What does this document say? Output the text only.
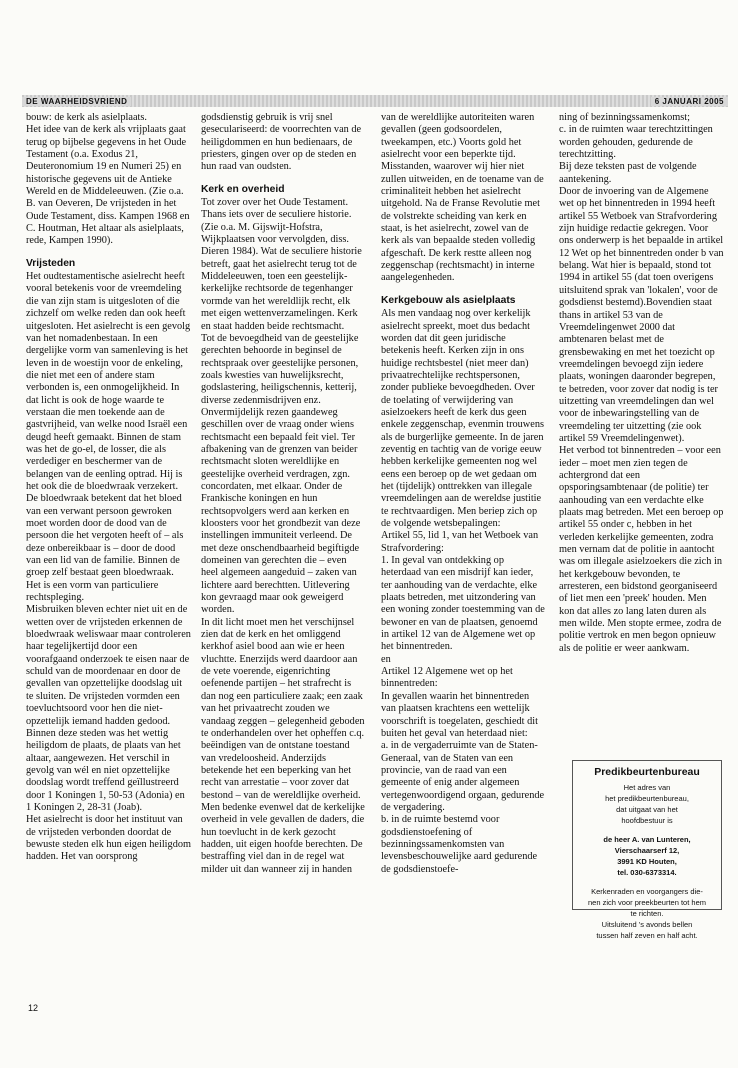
DE WAARHEIDSVRIEND	6 JANUARI 2005

bouw: de kerk als asielplaats.

Het idee van de kerk als vrijplaats gaat terug op bijbelse gegevens in het Oude Testament (o.a. Exodus 21, Deuteronomium 19 en Numeri 25) en historische gegevens uit de Antieke Wereld en de Middeleeuwen. (Zie o.a. B. van Oeveren, De vrijsteden in het Oude Testament, diss. Kampen 1968 en C. Houtman, Het altaar als asielplaats, rede, Kampen 1990).

Vrijsteden

Het oudtestamentische asielrecht heeft vooral betekenis voor de vreemdeling die van zijn stam is uitgesloten of die zichzelf om welke reden dan ook heeft uitgesloten. Het asielrecht is een gevolg van het nomadenbestaan. In een dergelijke vorm van samenleving is het leven in de woestijn voor de enkeling, die niet met een of andere stam verbonden is, een onmogelijkheid. In dat licht is ook de hoge waarde te verstaan die men toekende aan de gastvrijheid, van welke nood Israël een deugd heeft gemaakt. Binnen de stam was het de go-el, de losser, die als verdediger en beschermer van de belangen van de eenling optrad. Hij is het ook die de bloedwraak verzekert. De bloedwraak betekent dat het bloed van een verwant persoon gewroken moet worden door de dood van de persoon die het vergoten heeft of – als deze onbereikbaar is – door de dood van een lid van de familie. Binnen de groep zelf bestaat geen bloedwraak. Het is een vorm van particuliere rechtspleging.

Misbruiken bleven echter niet uit en de wetten over de vrijsteden erkennen de bloedwraak weliswaar maar controleren haar tegelijkertijd door een voorafgaand onderzoek te eisen naar de schuld van de moordenaar en door de gevallen van opzettelijke doodslag uit te sluiten. De vrijsteden vormden een toevluchtsoord voor hen die niet-opzettelijk iemand hadden gedood. Binnen deze steden was het wettig heiligdom de plaats, de plaats van het altaar, aangewezen. Het verschil in gevolg van wél en niet opzettelijke doodslag wordt treffend geïllustreerd door 1 Koningen 1, 50-53 (Adonia) en 1 Koningen 2, 28-31 (Joab).

Het asielrecht is door het instituut van de vrijsteden verbonden doordat de bewuste steden elk hun eigen heiligdom hadden. Het van oorsprong

godsdienstig gebruik is vrij snel geseculariseerd: de voorrechten van de heiligdommen en hun bedienaars, de priesters, gingen over op de steden en hun raad van oudsten.

Kerk en overheid

Tot zover over het Oude Testament. Thans iets over de seculiere historie. (Zie o.a. M. Gijswijt-Hofstra, Wijkplaatsen voor vervolgden, diss. Dieren 1984). Wat de seculiere historie betreft, gaat het asielrecht terug tot de Middeleeuwen, toen een geestelijk-kerkelijke rechtsorde de tegenhanger vormde van het wereldlijk recht, elk met eigen wettenverzamelingen. Kerk en staat hadden beide rechtsmacht.

Tot de bevoegdheid van de geestelijke gerechten behoorde in beginsel de rechtspraak over geestelijke personen, zoals kwesties van huwelijksrecht, godslastering, heiligschennis, ketterij, diverse zedenmisdrijven enz. Onvermijdelijk rezen gaandeweg geschillen over de vraag onder wiens rechtsmacht een bepaald feit viel. Ter afbakening van de grenzen van beider rechtsmacht sloten wereldlijke en geestelijke overheid verdragen, zgn. concordaten, met elkaar. Onder de Frankische koningen en hun rechtsopvolgers werd aan kerken en kloosters voor het grondbezit van deze instellingen immuniteit verleend. De met deze onschendbaarheid begiftigde domeinen van gerechten die – even heel algemeen aangeduid – zaken van lichtere aard berechtten. Uitlevering kon gevraagd maar ook geweigerd worden.

In dit licht moet men het verschijnsel zien dat de kerk en het omliggend kerkhof asiel bood aan wie er heen vluchtte. Enerzijds werd daardoor aan de vete voerende, eigenrichting oefenende partijen – het strafrecht is dan nog een particuliere zaak; een zaak van het privaatrecht zouden we vandaag zeggen – gelegenheid geboden te onderhandelen over het opheffen c.q. beëindigen van de ontstane toestand van vredeloosheid. Anderzijds betekende het een beperking van het recht van arrestatie – voor zover dat bestond – van de wereldlijke overheid.

Men bedenke evenwel dat de kerkelijke overheid in vele gevallen de daders, die hun toevlucht in de kerk gezocht hadden, uit eigen hoofde berechten. De bestraffing viel dan in de regel wat milder uit dan wanneer zij in handen

van de wereldlijke autoriteiten waren gevallen (geen godsoordelen, tweekampen, etc.) Voorts gold het asielrecht voor een beperkte tijd. Misstanden, waarover wij hier niet zullen uitweiden, en de toename van de criminaliteit hebben het asielrecht uitgehold. Na de Franse Revolutie met de volstrekte scheiding van kerk en staat, is het asielrecht, zowel van de kerk als van bepaalde steden volledig afgeschaft. De kerk restte alleen nog zeggenschap (rechtsmacht) in interne aangelegenheden.

Kerkgebouw als asielplaats

Als men vandaag nog over kerkelijk asielrecht spreekt, moet dus bedacht worden dat dit geen juridische betekenis heeft. Kerken zijn in ons huidige rechtsbestel (niet meer dan) privaatrechtelijke rechtspersonen, zonder publieke bevoegdheden. Over de toelating of verwijdering van asielzoekers heeft de kerk dus geen enkele zeggenschap, evenmin trouwens als de burgerlijke gemeente. In de jaren zeventig en tachtig van de vorige eeuw hebben kerkelijke gemeenten nog wel eens een beroep op de wet gedaan om het (tijdelijk) onttrekken van illegale vreemdelingen aan de wereldse justitie te rechtvaardigen. Men beriep zich op de volgende wetsbepalingen:

Artikel 55, lid 1, van het Wetboek van Strafvordering:

1. In geval van ontdekking op heterdaad van een misdrijf kan ieder, ter aanhouding van de verdachte, elke plaats betreden, met uitzondering van een woning zonder toestemming van de bewoner en van de plaatsen, genoemd in artikel 12 van de Algemene wet op het binnentreden.

en

Artikel 12 Algemene wet op het binnentreden:

In gevallen waarin het binnentreden van plaatsen krachtens een wettelijk voorschrift is toegelaten, geschiedt dit buiten het geval van heterdaad niet:

a. in de vergaderruimte van de Staten-Generaal, van de Staten van een provincie, van de raad van een gemeente of enig ander algemeen vertegenwoordigend orgaan, gedurende de vergadering.

b. in de ruimte bestemd voor godsdienstoefening of bezinningssamenkomsten van levensbeschouwelijke aard gedurende de godsdienstoefe-

ning of bezinningssamenkomst;

c. in de ruimten waar terechtzittingen worden gehouden, gedurende de terechtzitting.

Bij deze teksten past de volgende aantekening.

Door de invoering van de Algemene wet op het binnentreden in 1994 heeft artikel 55 Wetboek van Strafvordering zijn huidige redactie gekregen. Voor ons onderwerp is het bepaalde in artikel 12 Wet op het binnentreden onder b van belang. Wat hier is bepaald, stond tot 1994 in artikel 55 (dat toen overigens uitsluitend sprak van 'lokalen', voor de godsdienst bestemd).Bovendien staat thans in artikel 53 van de Vreemdelingenwet 2000 dat ambtenaren belast met de grensbewaking en met het toezicht op vreemdelingen bevoegd zijn iedere plaats, woningen daaronder begrepen, te betreden, voor zover dat nodig is ter uitzetting van vreemdelingen dan wel voor de inbewaringstelling van de vreemdeling ter uitzetting (zie ook artikel 59 Vreemdelingenwet).

Het verbod tot binnentreden – voor een ieder – moet men zien tegen de achtergrond dat een opsporingsambtenaar (de politie) ter aanhouding van een verdachte elke plaats mag betreden. Met een beroep op artikel 55 onder c, hebben in het verleden kerkelijke gemeenten, zodra men vernam dat de politie in aantocht was om illegale asielzoekers die zich in het kerkgebouw bevonden, te arresteren, een bidstond georganiseerd of liet men een 'preek' houden. Men kon dat alles zo lang laten duren als men wilde. Men stopte ermee, zodra de politie vertrok en men begon opnieuw als de politie er weer aankwam.

Predikbeurtenbureau

Het adres van

het predikbeurtenbureau,

dat uitgaat van het

hoofdbestuur is

de heer A. van Lunteren,

Vierschaarserf 12,

3991 KD Houten,

tel. 030-6373314.

Kerkenraden en voorgangers die-

nen zich voor preekbeurten tot hem

te richten.

Uitsluitend 's avonds bellen

tussen half zeven en half acht.

12
